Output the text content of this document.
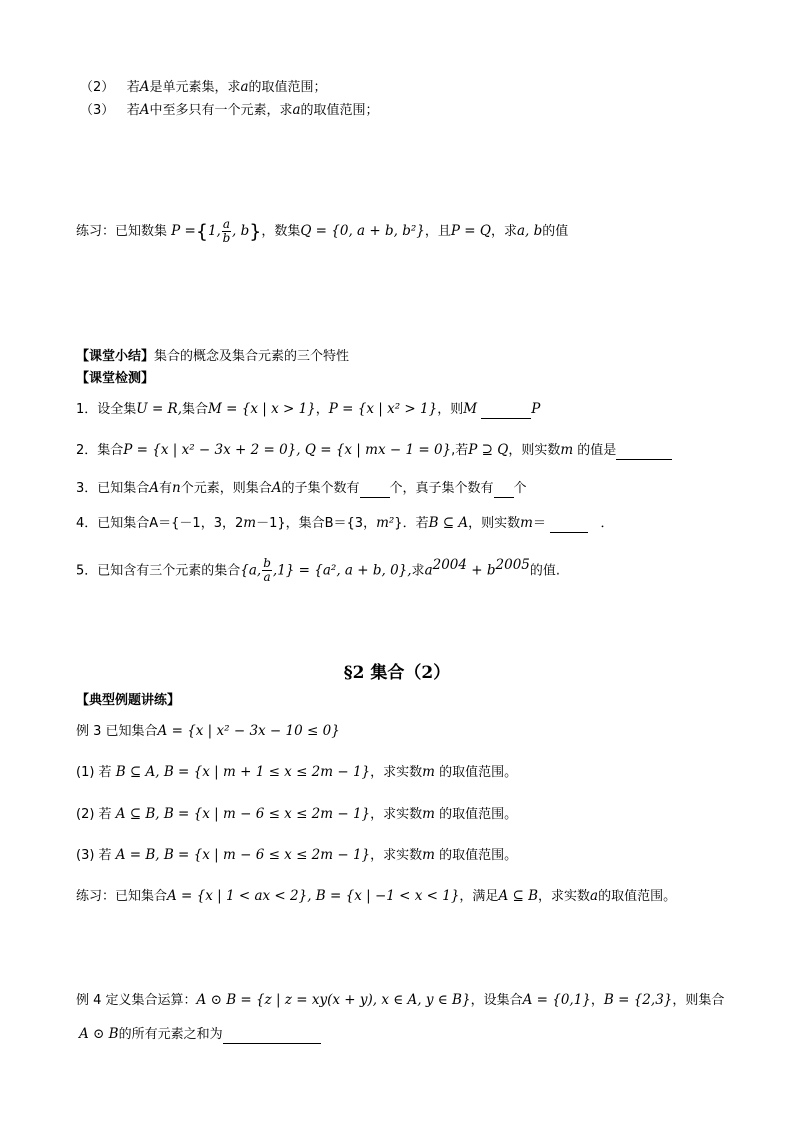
（2） 若A是单元素集，求a的取值范围；
（3） 若A中至多只有一个元素，求a的取值范围；
练习：已知数集 P ={1, $\frac{a}{b}$ , b}，数集Q = {0, a + b, b²}，且P = Q，求a, b的值
【课堂小结】集合的概念及集合元素的三个特性
【课堂检测】
1．设全集U = R,集合M = {x | x > 1}，P = {x | x² > 1}，则M	P
2．集合P = {x | x² − 3x + 2 = 0}, Q = {x | mx − 1 = 0},若P ⊇ Q，则实数m 的值是
3．已知集合A有n个元素，则集合A的子集个数有 个，真子集个数有 个
4．已知集合A＝{－1，3，2m－1}，集合B＝{3，m²}．若B ⊆ A，则实数m＝	．
5．已知含有三个元素的集合{a, $\frac{b}{a} ,1\} = \{a^2$, a + b, 0},求$a^{2004} + b^{2005}$的值.
§2 集合（2）
【典型例题讲练】
例 3 已知集合A = {x | x² − 3x − 10 ≤ 0}
(1) 若 B ⊆ A, B = {x | m + 1 ≤ x ≤ 2m − 1}，求实数m 的取值范围。
(2) 若 A ⊆ B, B = {x | m − 6 ≤ x ≤ 2m − 1}，求实数m 的取值范围。
(3) 若 A = B, B = {x | m − 6 ≤ x ≤ 2m − 1}，求实数m 的取值范围。
练习：已知集合A = {x | 1 < ax < 2}, B = {x | −1 < x < 1}，满足A ⊆ B，求实数a的取值范围。
例 4 定义集合运算：A ⊙ B = {z | z = xy(x + y), x ∈ A, y ∈ B}，设集合A = {0,1}，B = {2,3}，则集合
A ⊙ B的所有元素之和为
